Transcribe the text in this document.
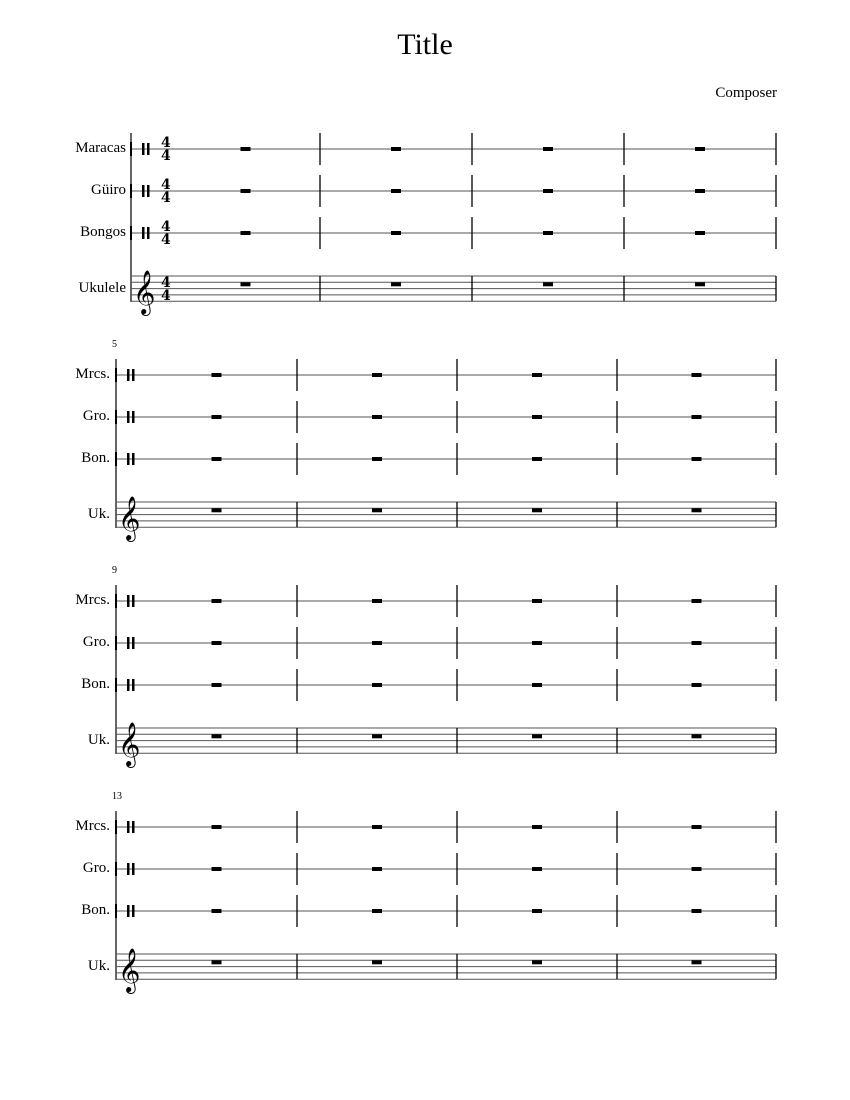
Title
Composer
Maracas
Güiro
Bongos
Ukulele
5
9
13
Mrcs.
Gro.
Bon.
Uk.
Mrcs.
Gro.
Bon.
Uk.
Mrcs.
Gro.
Bon.
Uk.
4
4
4
4
4
4
𝄞 4
4
𝄞
𝄞
𝄞
